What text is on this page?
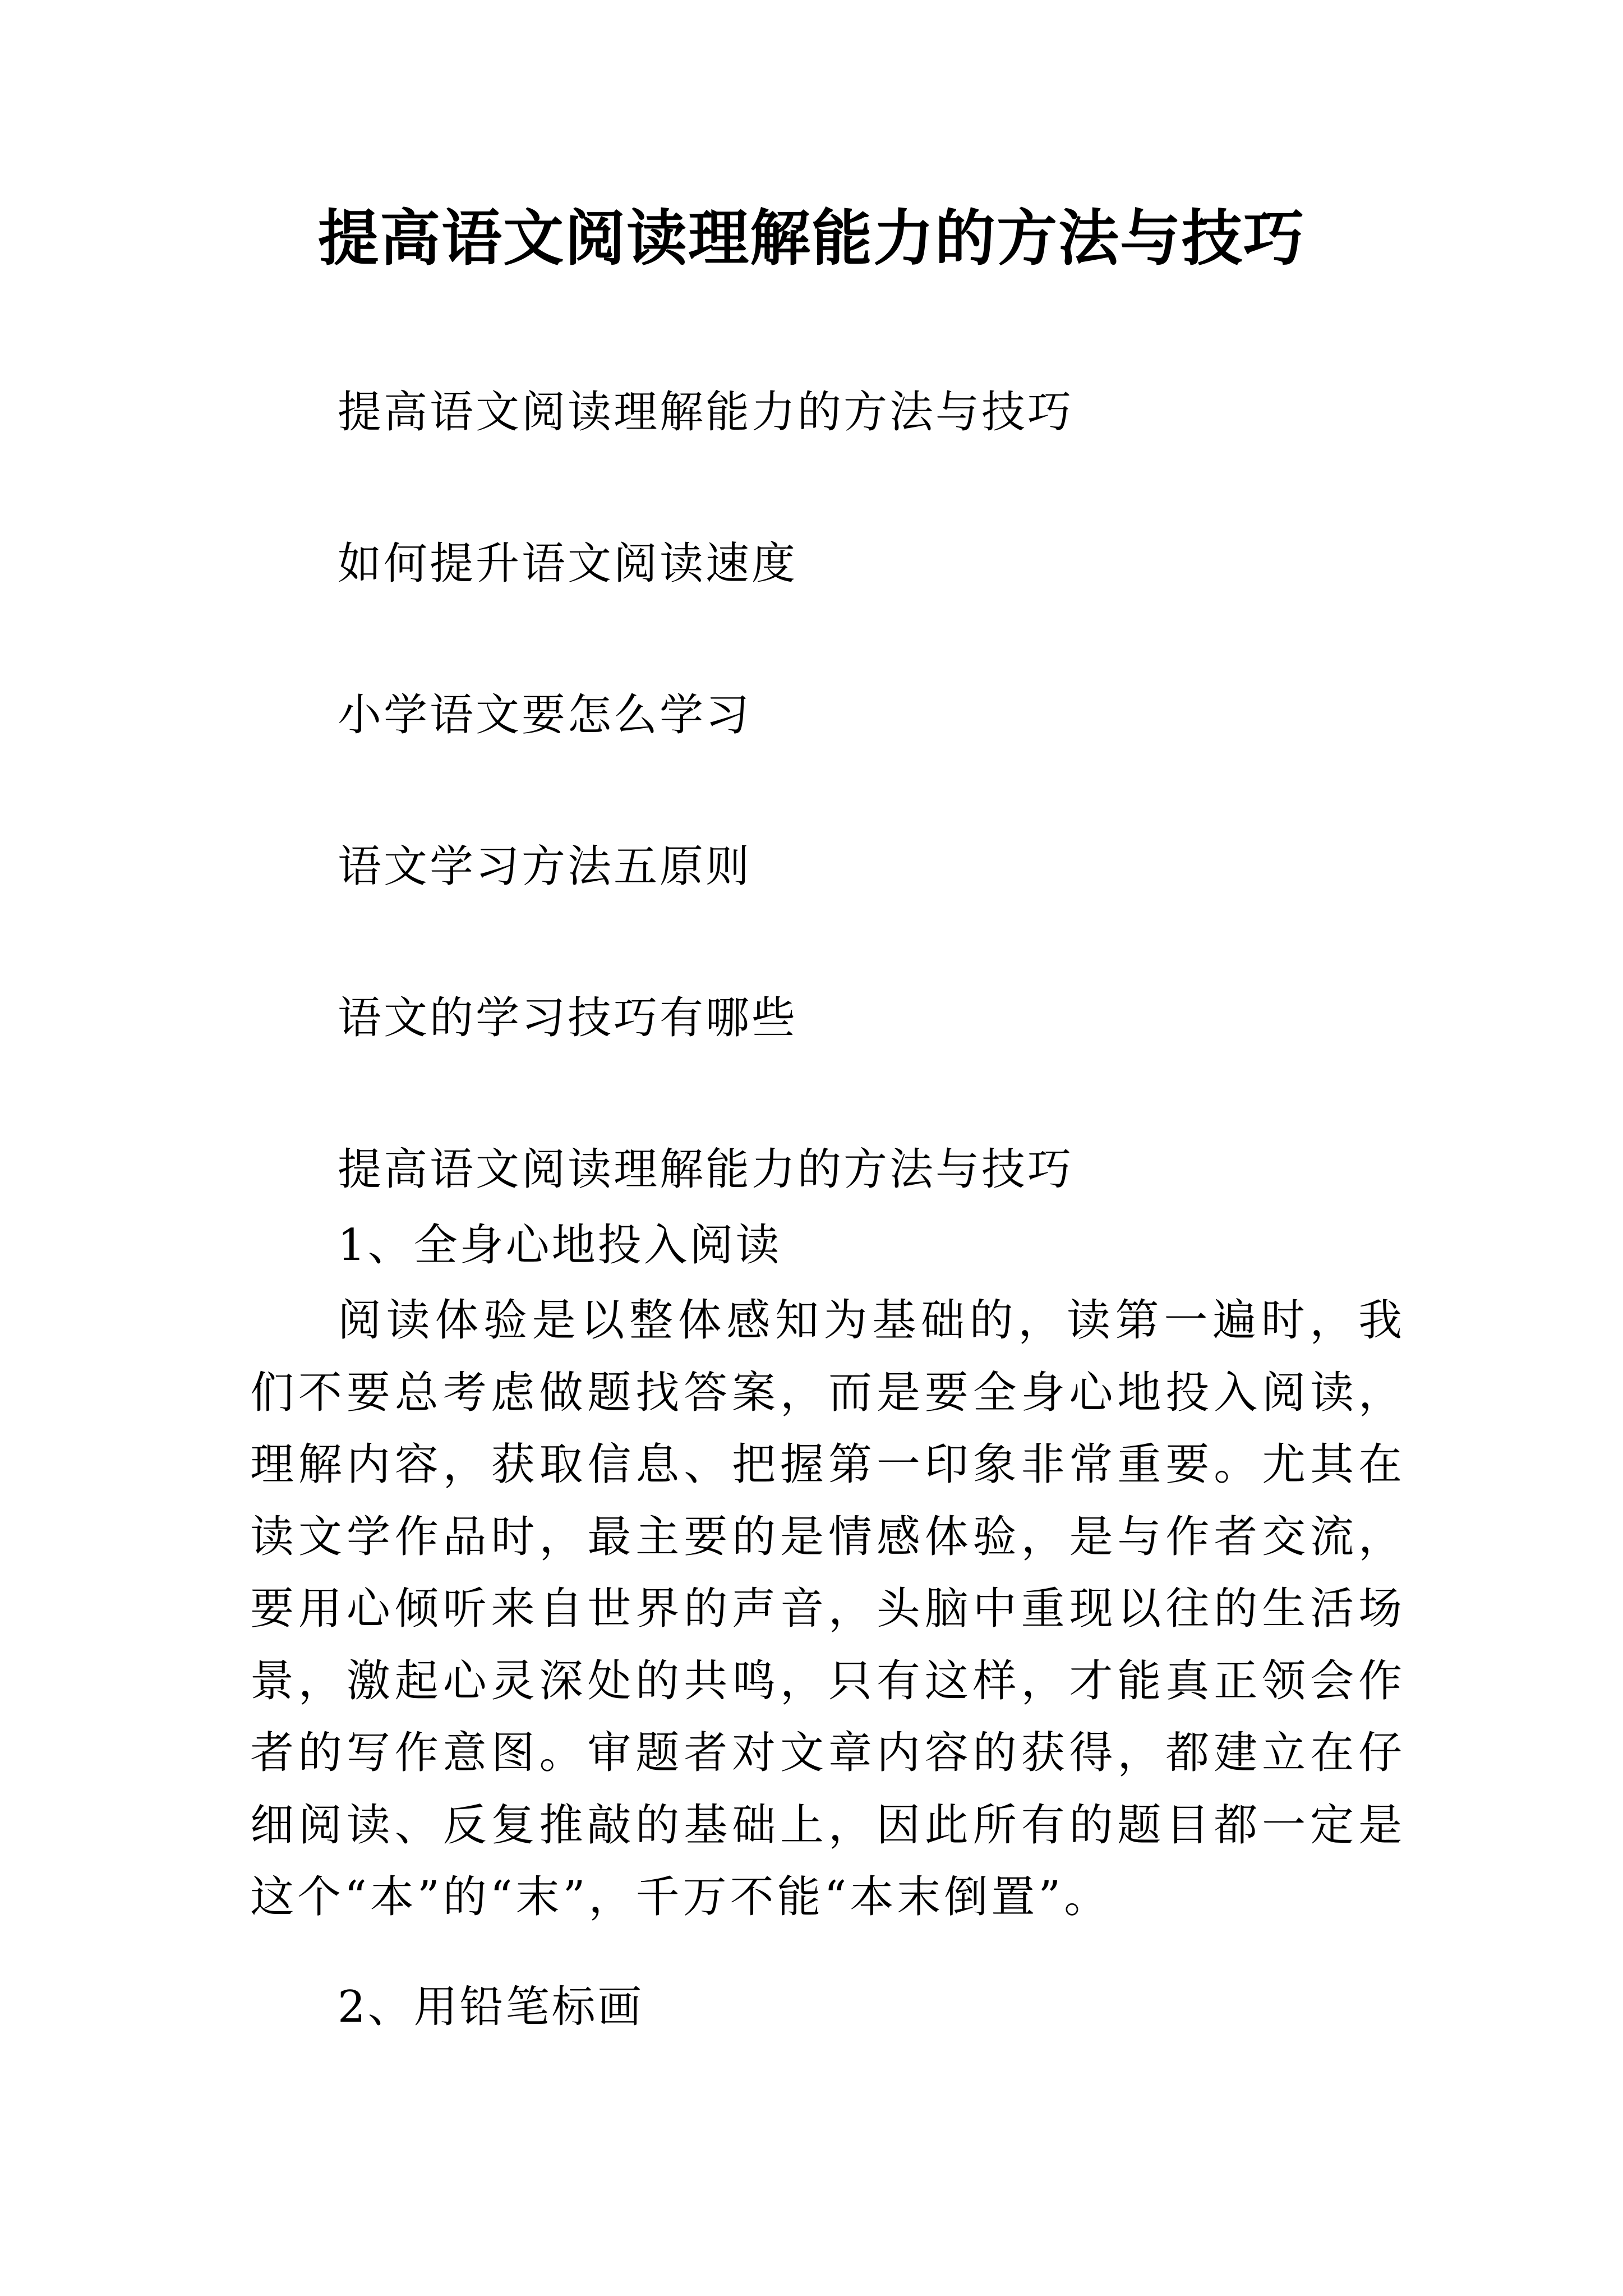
提高语文阅读理解能力的方法与技巧

提高语文阅读理解能力的方法与技巧

如何提升语文阅读速度

小学语文要怎么学习

语文学习方法五原则

语文的学习技巧有哪些

提高语文阅读理解能力的方法与技巧

1、全身心地投入阅读

阅读体验是以整体感知为基础的，读第一遍时，我们不要总考虑做题找答案，而是要全身心地投入阅读，理解内容，获取信息、把握第一印象非常重要。尤其在读文学作品时，最主要的是情感体验，是与作者交流，要用心倾听来自世界的声音，头脑中重现以往的生活场景，激起心灵深处的共鸣，只有这样，才能真正领会作者的写作意图。审题者对文章内容的获得，都建立在仔细阅读、反复推敲的基础上，因此所有的题目都一定是这个“本”的“末”，千万不能“本末倒置”。

2、用铅笔标画
